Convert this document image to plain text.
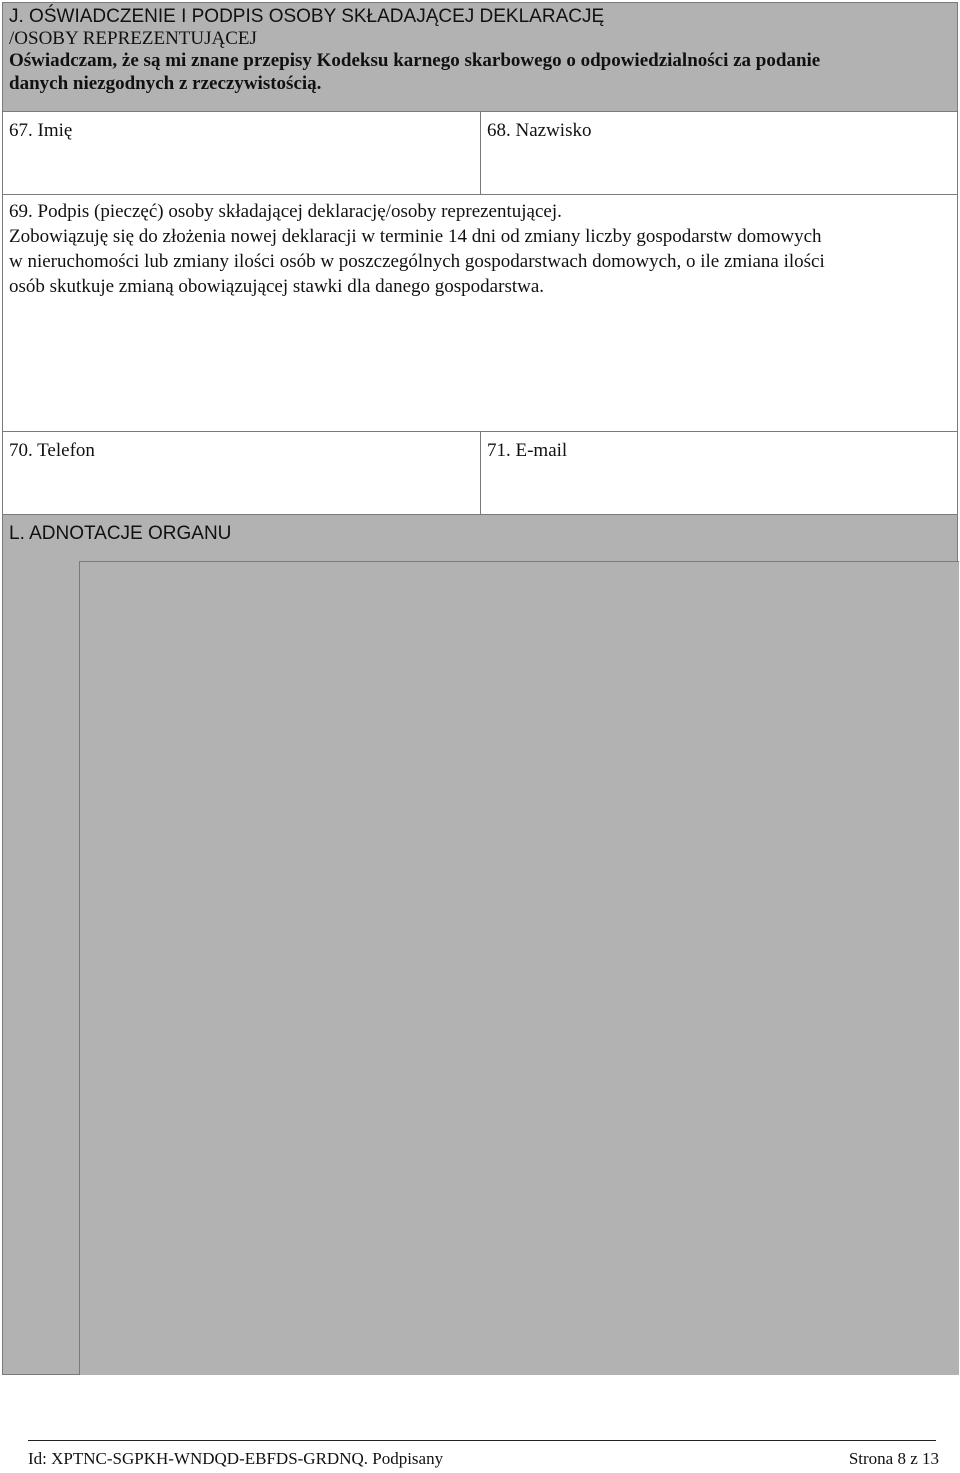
J. OŚWIADCZENIE I PODPIS OSOBY SKŁADAJĄCEJ DEKLARACJĘ
/OSOBY REPREZENTUJĄCEJ
Oświadczam, że są mi znane przepisy Kodeksu karnego skarbowego o odpowiedzialności za podanie
danych niezgodnych z rzeczywistością.
67. Imię	68. Nazwisko
69. Podpis (pieczęć) osoby składającej deklarację/osoby reprezentującej.
Zobowiązuję się do złożenia nowej deklaracji w terminie 14 dni od zmiany liczby gospodarstw domowych
w nieruchomości lub zmiany ilości osób w poszczególnych gospodarstwach domowych, o ile zmiana ilości
osób skutkuje zmianą obowiązującej stawki dla danego gospodarstwa.
70. Telefon	71. E-mail
L. ADNOTACJE ORGANU
Id: XPTNC-SGPKH-WNDQD-EBFDS-GRDNQ. Podpisany	Strona 8 z 13
